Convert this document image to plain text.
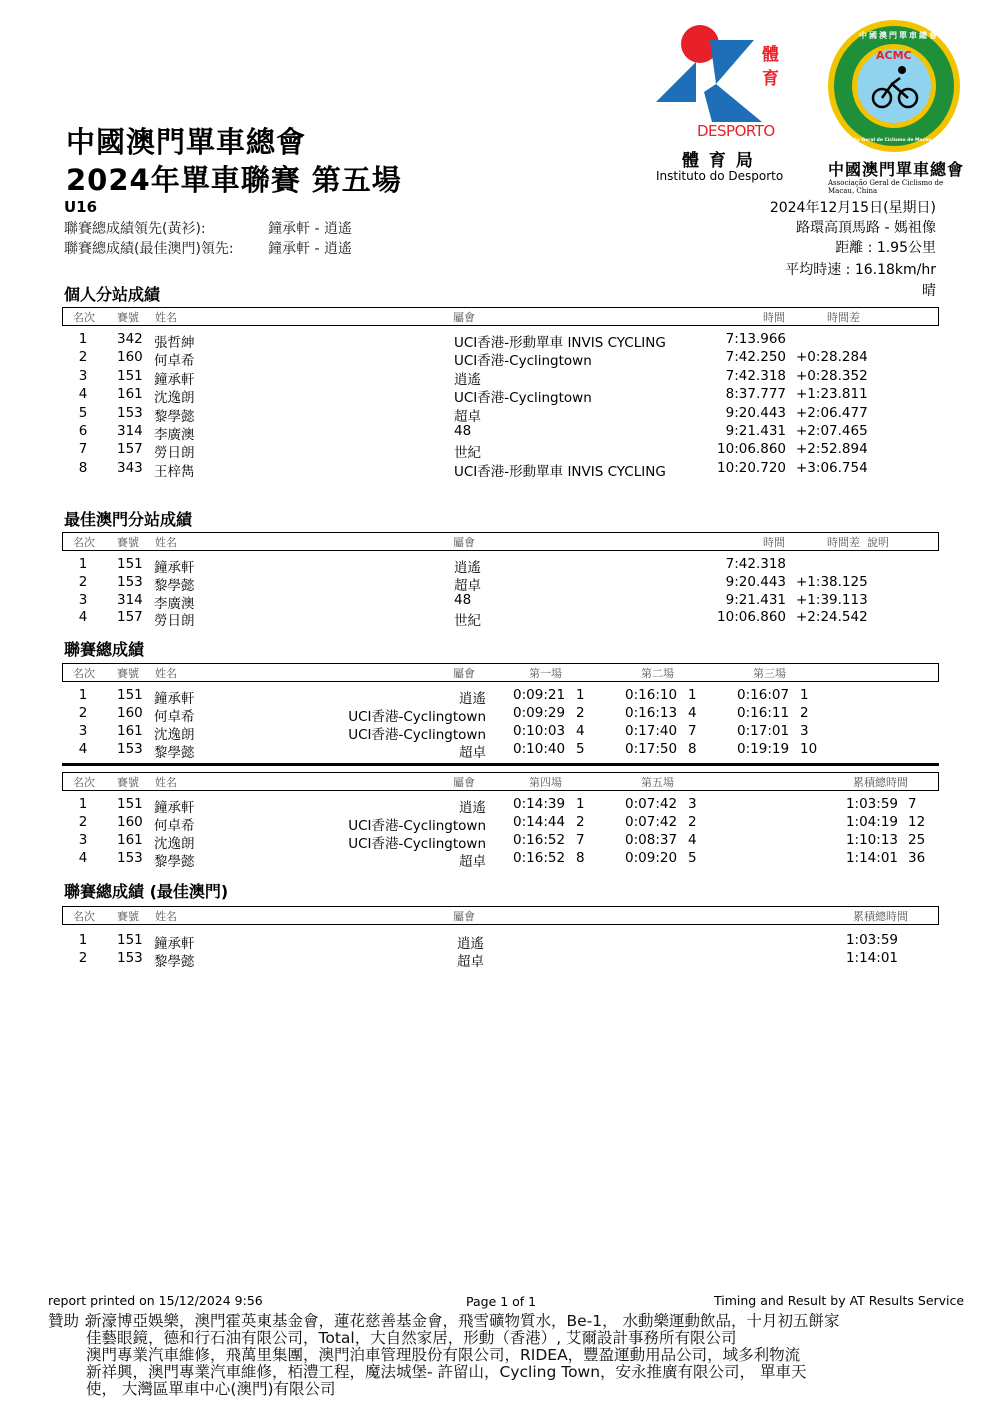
中國澳門單車總會
2024年單車聯賽 第五場
U16
聯賽總成績領先(黃衫):	鐘承軒 - 逍遙
聯賽總成績(最佳澳門)領先: 鐘承軒 - 逍遙
2024年12月15日(星期日)
路環高頂馬路 - 媽祖像
距離 : 1.95公里
平均時速 : 16.18km/hr
晴
體
育
DESPORTO
體 育 局
Instituto do Desporto
ACMC
中國澳門單車總會
Associação Geral de Ciclismo de Macau, China
中國澳門單車總會
Associação Geral de Ciclismo de Macau, China
個人分站成績
名次 賽號 姓名	屬會	時間	時間差
1	342 張哲紳	UCI香港-形動單車 INVIS CYCLING	7:13.966
2	160 何卓希	UCI香港-Cyclingtown	7:42.250 +0:28.284
3	151 鐘承軒	逍遙	7:42.318 +0:28.352
4	161 沈逸朗	UCI香港-Cyclingtown	8:37.777 +1:23.811
5	153 黎學懿	超卓	9:20.443 +2:06.477
6	314 李廣澳	48	9:21.431 +2:07.465
7	157 勞日朗	世紀	10:06.860 +2:52.894
8	343 王梓雋	UCI香港-形動單車 INVIS CYCLING	10:20.720 +3:06.754
最佳澳門分站成績
名次 賽號 姓名	屬會	時間	時間差 說明
1	151 鐘承軒	逍遙	7:42.318
2	153 黎學懿	超卓	9:20.443 +1:38.125
3	314 李廣澳	48	9:21.431 +1:39.113
4	157 勞日朗	世紀	10:06.860 +2:24.542
聯賽總成績
名次 賽號 姓名	屬會	第一場	第二場	第三場
1	151 鐘承軒	逍遙 0:09:21 1	0:16:10 1	0:16:07 1
2	160 何卓希	UCI香港-Cyclingtown 0:09:29 2	0:16:13 4	0:16:11 2
3	161 沈逸朗	UCI香港-Cyclingtown 0:10:03 4	0:17:40 7	0:17:01 3
4	153 黎學懿	超卓 0:10:40 5	0:17:50 8	0:19:19 10
名次 賽號 姓名	屬會	第四場	第五場	累積總時間
1	151 鐘承軒	逍遙 0:14:39 1	0:07:42 3	1:03:59 7
2	160 何卓希	UCI香港-Cyclingtown 0:14:44 2	0:07:42 2	1:04:19 12
3	161 沈逸朗	UCI香港-Cyclingtown 0:16:52 7	0:08:37 4	1:10:13 25
4	153 黎學懿	超卓 0:16:52 8	0:09:20 5	1:14:01 36
聯賽總成績 (最佳澳門)
名次 賽號 姓名	屬會	累積總時間
1	151 鐘承軒	逍遙	1:03:59
2	153 黎學懿	超卓	1:14:01
report printed on 15/12/2024 9:56	Page 1 of 1	Timing and Result by AT Results Service
贊助 :
新濠博亞娛樂，澳門霍英東基金會，蓮花慈善基金會，飛雪礦物質水，Be-1， 水動樂運動飲品，十月初五餅家
佳藝眼鏡，德和行石油有限公司，Total，大自然家居，形動（香港）, 艾爾設計事務所有限公司
澳門專業汽車維修，飛萬里集團，澳門泊車管理股份有限公司，RIDEA，豐盈運動用品公司，域多利物流
新祥興，澳門專業汽車維修，栢澧工程，魔法城堡- 許留山，Cycling Town，安永推廣有限公司， 單車天
使， 大灣區單車中心(澳門)有限公司
